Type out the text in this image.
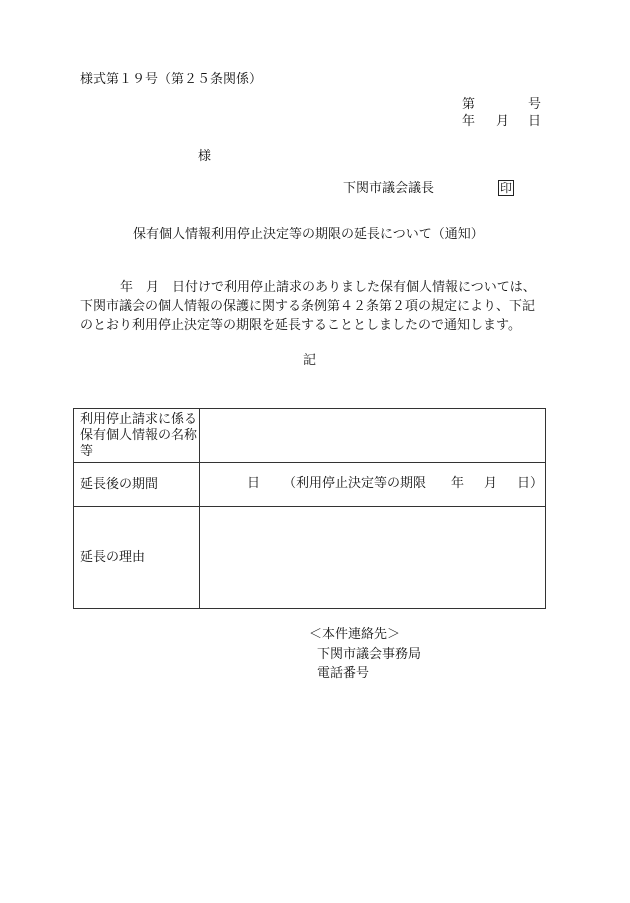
様式第１９号（第２５条関係）
第	号
年 月 日
様
下関市議会議長	印
保有個人情報利用停止決定等の期限の延長について（通知）

年　月　 日付けで利用停止請求のありました保有個人情報については、

下関市議会の個人情報の保護に関する条例第４２条第２項の規定により、下記

のとおり利用停止決定等の期限を延長することとしましたので通知します。

記
利用停止請求に係る保有個人情報の名称等	
延長後の期間	日 （利用停止決定等の期限 年 月 日）

延長の理由	
＜本件連絡先＞
下関市議会事務局
電話番号
